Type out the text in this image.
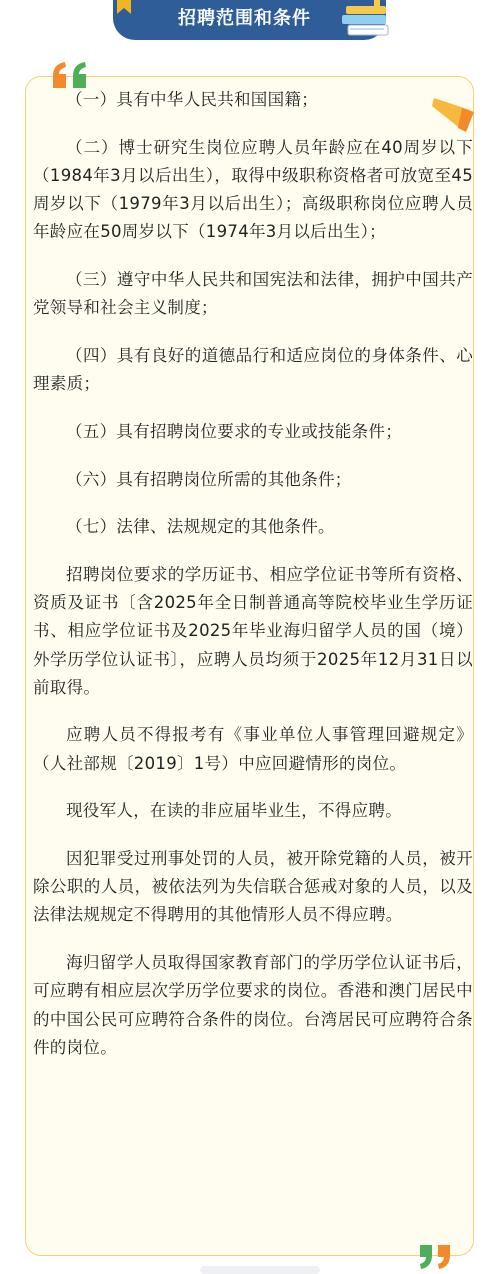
招聘范围和条件

（一）具有中华人民共和国国籍；

（二）博士研究生岗位应聘人员年龄应在40周岁以下（1984年3月以后出生），取得中级职称资格者可放宽至45周岁以下（1979年3月以后出生）；高级职称岗位应聘人员年龄应在50周岁以下（1974年3月以后出生）；

（三）遵守中华人民共和国宪法和法律，拥护中国共产党领导和社会主义制度；

（四）具有良好的道德品行和适应岗位的身体条件、心理素质；

（五）具有招聘岗位要求的专业或技能条件；

（六）具有招聘岗位所需的其他条件；

（七）法律、法规规定的其他条件。

招聘岗位要求的学历证书、相应学位证书等所有资格、资质及证书〔含2025年全日制普通高等院校毕业生学历证书、相应学位证书及2025年毕业海归留学人员的国（境）外学历学位认证书〕，应聘人员均须于2025年12月31日以前取得。

应聘人员不得报考有《事业单位人事管理回避规定》（人社部规〔2019〕1号）中应回避情形的岗位。

现役军人，在读的非应届毕业生，不得应聘。

因犯罪受过刑事处罚的人员，被开除党籍的人员，被开除公职的人员，被依法列为失信联合惩戒对象的人员，以及法律法规规定不得聘用的其他情形人员不得应聘。

海归留学人员取得国家教育部门的学历学位认证书后，可应聘有相应层次学历学位要求的岗位。香港和澳门居民中的中国公民可应聘符合条件的岗位。台湾居民可应聘符合条件的岗位。
